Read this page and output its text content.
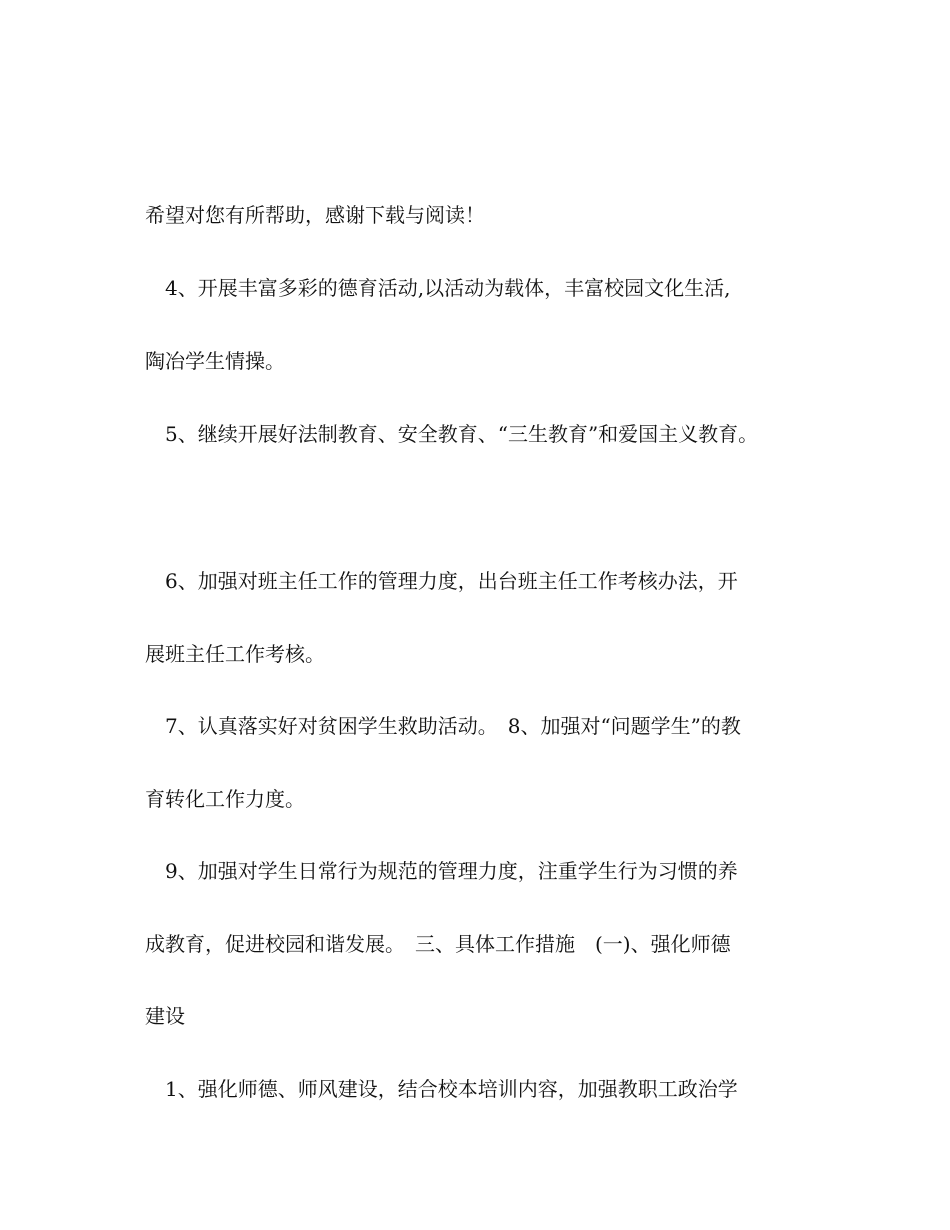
希望对您有所帮助，感谢下载与阅读！
4、开展丰富多彩的德育活动,以活动为载体，丰富校园文化生活,
陶冶学生情操。
5、继续开展好法制教育、安全教育、“三生教育”和爱国主义教育。
6、加强对班主任工作的管理力度，出台班主任工作考核办法，开
展班主任工作考核。
7、认真落实好对贫困学生救助活动。　8、加强对“问题学生”的教
育转化工作力度。
9、加强对学生日常行为规范的管理力度，注重学生行为习惯的养
成教育，促进校园和谐发展。　三、具体工作措施　(一)、强化师德
建设
1、强化师德、师风建设，结合校本培训内容，加强教职工政治学
